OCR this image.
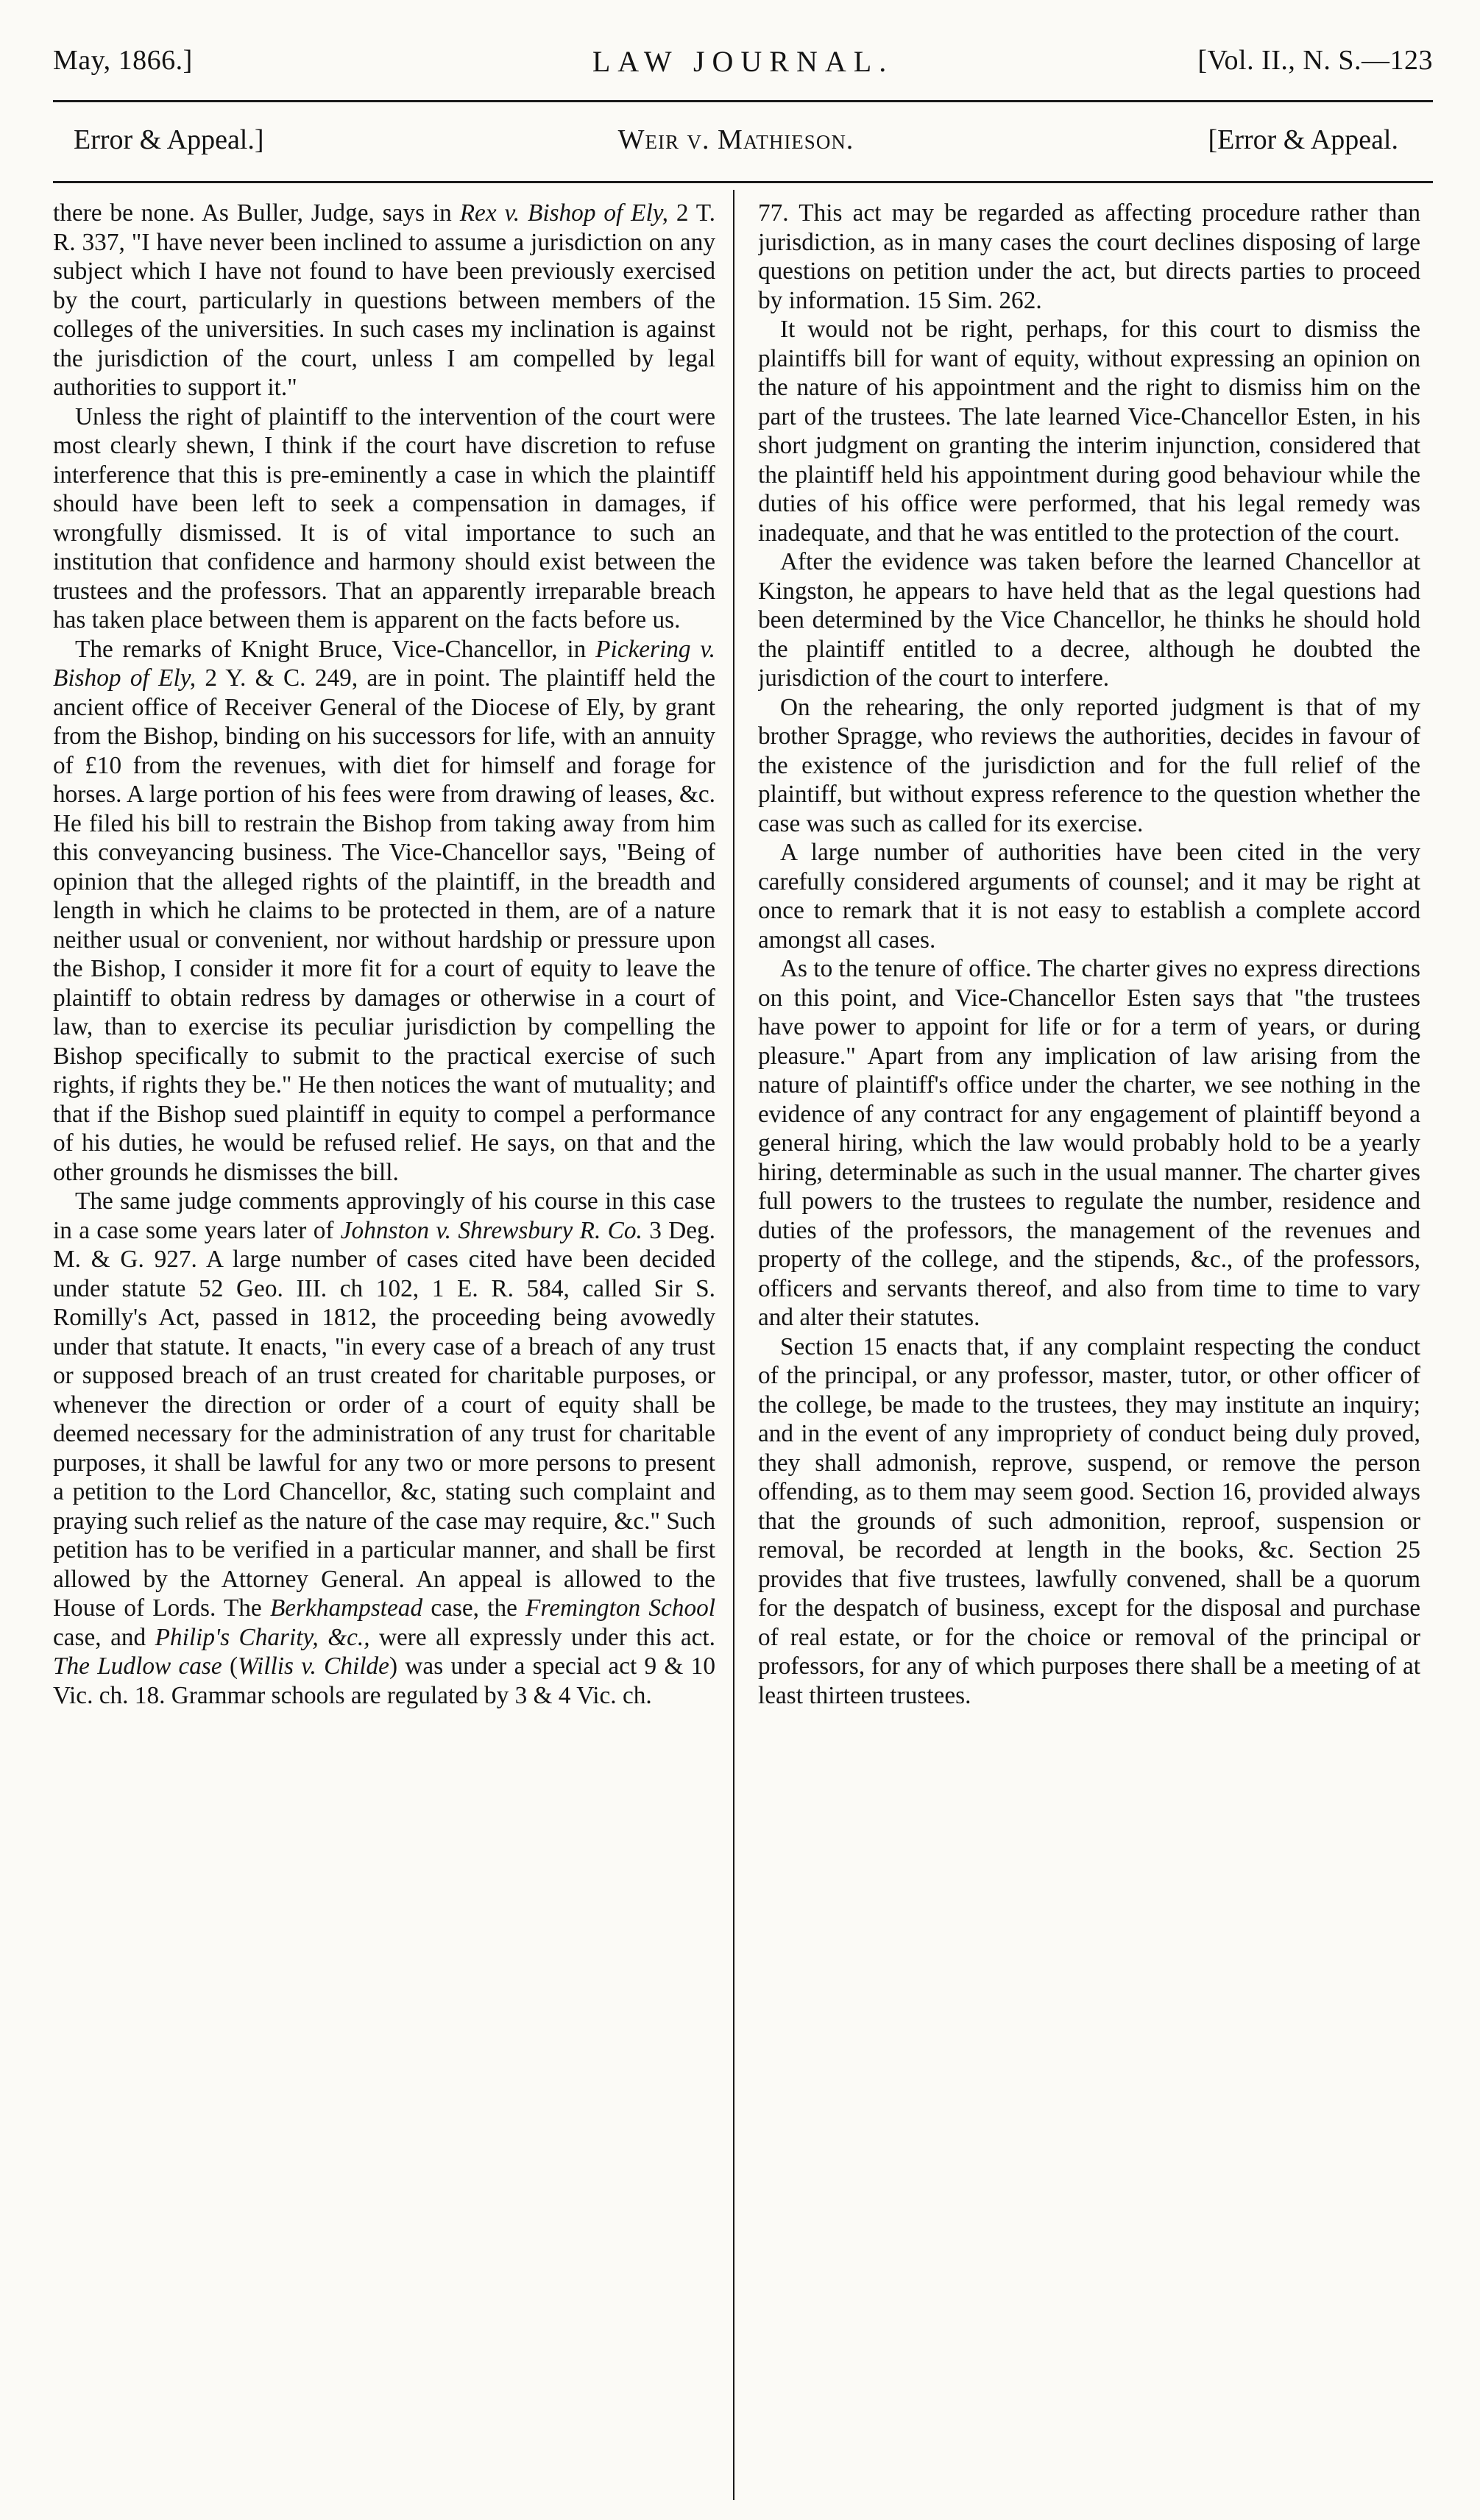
May, 1866.]	LAW JOURNAL.	[Vol. II., N. S.—123
Error & Appeal.]	Weir v. Mathieson.	[Error & Appeal.

there be none. As Buller, Judge, says in Rex v. Bishop of Ely, 2 T. R. 337, "I have never been inclined to assume a jurisdiction on any subject which I have not found to have been previously exercised by the court, particularly in questions between members of the colleges of the universities. In such cases my inclination is against the jurisdiction of the court, unless I am compelled by legal authorities to support it."

Unless the right of plaintiff to the intervention of the court were most clearly shewn, I think if the court have discretion to refuse interference that this is pre-eminently a case in which the plaintiff should have been left to seek a compensation in damages, if wrongfully dismissed. It is of vital importance to such an institution that confidence and harmony should exist between the trustees and the professors. That an apparently irreparable breach has taken place between them is apparent on the facts before us.

The remarks of Knight Bruce, Vice-Chancellor, in Pickering v. Bishop of Ely, 2 Y. & C. 249, are in point. The plaintiff held the ancient office of Receiver General of the Diocese of Ely, by grant from the Bishop, binding on his successors for life, with an annuity of £10 from the revenues, with diet for himself and forage for horses. A large portion of his fees were from drawing of leases, &c. He filed his bill to restrain the Bishop from taking away from him this conveyancing business. The Vice-Chancellor says, "Being of opinion that the alleged rights of the plaintiff, in the breadth and length in which he claims to be protected in them, are of a nature neither usual or convenient, nor without hardship or pressure upon the Bishop, I consider it more fit for a court of equity to leave the plaintiff to obtain redress by damages or otherwise in a court of law, than to exercise its peculiar jurisdiction by compelling the Bishop specifically to submit to the practical exercise of such rights, if rights they be." He then notices the want of mutuality; and that if the Bishop sued plaintiff in equity to compel a performance of his duties, he would be refused relief. He says, on that and the other grounds he dismisses the bill.

The same judge comments approvingly of his course in this case in a case some years later of Johnston v. Shrewsbury R. Co. 3 Deg. M. & G. 927. A large number of cases cited have been decided under statute 52 Geo. III. ch 102, 1 E. R. 584, called Sir S. Romilly's Act, passed in 1812, the proceeding being avowedly under that statute. It enacts, "in every case of a breach of any trust or supposed breach of an trust created for charitable purposes, or whenever the direction or order of a court of equity shall be deemed necessary for the administration of any trust for charitable purposes, it shall be lawful for any two or more persons to present a petition to the Lord Chancellor, &c, stating such complaint and praying such relief as the nature of the case may require, &c." Such petition has to be verified in a particular manner, and shall be first allowed by the Attorney General. An appeal is allowed to the House of Lords. The Berkhampstead case, the Fremington School case, and Philip's Charity, &c., were all expressly under this act. The Ludlow case (Willis v. Childe) was under a special act 9 & 10 Vic. ch. 18. Grammar schools are regulated by 3 & 4 Vic. ch.

77. This act may be regarded as affecting procedure rather than jurisdiction, as in many cases the court declines disposing of large questions on petition under the act, but directs parties to proceed by information. 15 Sim. 262.

It would not be right, perhaps, for this court to dismiss the plaintiffs bill for want of equity, without expressing an opinion on the nature of his appointment and the right to dismiss him on the part of the trustees. The late learned Vice-Chancellor Esten, in his short judgment on granting the interim injunction, considered that the plaintiff held his appointment during good behaviour while the duties of his office were performed, that his legal remedy was inadequate, and that he was entitled to the protection of the court.

After the evidence was taken before the learned Chancellor at Kingston, he appears to have held that as the legal questions had been determined by the Vice Chancellor, he thinks he should hold the plaintiff entitled to a decree, although he doubted the jurisdiction of the court to interfere.

On the rehearing, the only reported judgment is that of my brother Spragge, who reviews the authorities, decides in favour of the existence of the jurisdiction and for the full relief of the plaintiff, but without express reference to the question whether the case was such as called for its exercise.

A large number of authorities have been cited in the very carefully considered arguments of counsel; and it may be right at once to remark that it is not easy to establish a complete accord amongst all cases.

As to the tenure of office. The charter gives no express directions on this point, and Vice-Chancellor Esten says that "the trustees have power to appoint for life or for a term of years, or during pleasure." Apart from any implication of law arising from the nature of plaintiff's office under the charter, we see nothing in the evidence of any contract for any engagement of plaintiff beyond a general hiring, which the law would probably hold to be a yearly hiring, determinable as such in the usual manner. The charter gives full powers to the trustees to regulate the number, residence and duties of the professors, the management of the revenues and property of the college, and the stipends, &c., of the professors, officers and servants thereof, and also from time to time to vary and alter their statutes.

Section 15 enacts that, if any complaint respecting the conduct of the principal, or any professor, master, tutor, or other officer of the college, be made to the trustees, they may institute an inquiry; and in the event of any impropriety of conduct being duly proved, they shall admonish, reprove, suspend, or remove the person offending, as to them may seem good. Section 16, provided always that the grounds of such admonition, reproof, suspension or removal, be recorded at length in the books, &c. Section 25 provides that five trustees, lawfully convened, shall be a quorum for the despatch of business, except for the disposal and purchase of real estate, or for the choice or removal of the principal or professors, for any of which purposes there shall be a meeting of at least thirteen trustees.
